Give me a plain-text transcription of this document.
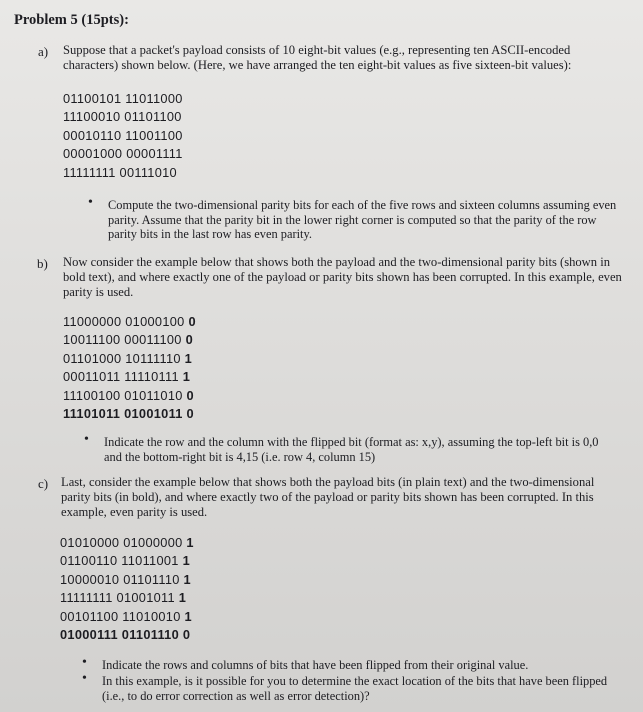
Problem 5 (15pts):
a) Suppose that a packet's payload consists of 10 eight-bit values (e.g., representing ten ASCII-encoded characters) shown below. (Here, we have arranged the ten eight-bit values as five sixteen-bit values):
01100101 11011000
11100010 01101100
00010110 11001100
00001000 00001111
11111111 00111010
• Compute the two-dimensional parity bits for each of the five rows and sixteen columns assuming even parity. Assume that the parity bit in the lower right corner is computed so that the parity of the row parity bits in the last row has even parity.
b) Now consider the example below that shows both the payload and the two-dimensional parity bits (shown in bold text), and where exactly one of the payload or parity bits shown has been corrupted. In this example, even parity is used.
11000000 01000100 0
10011100 00011100 0
01101000 10111110 1
00011011 11110111 1
11100100 01011010 0
11101011 01001011 0
• Indicate the row and the column with the flipped bit (format as: x,y), assuming the top-left bit is 0,0 and the bottom-right bit is 4,15 (i.e. row 4, column 15)
c) Last, consider the example below that shows both the payload bits (in plain text) and the two-dimensional parity bits (in bold), and where exactly two of the payload or parity bits shown has been corrupted. In this example, even parity is used.
01010000 01000000 1
01100110 11011001 1
10000010 01101110 1
11111111 01001011 1
00101100 11010010 1
01000111 01101110 0
• Indicate the rows and columns of bits that have been flipped from their original value.
• In this example, is it possible for you to determine the exact location of the bits that have been flipped (i.e., to do error correction as well as error detection)?
